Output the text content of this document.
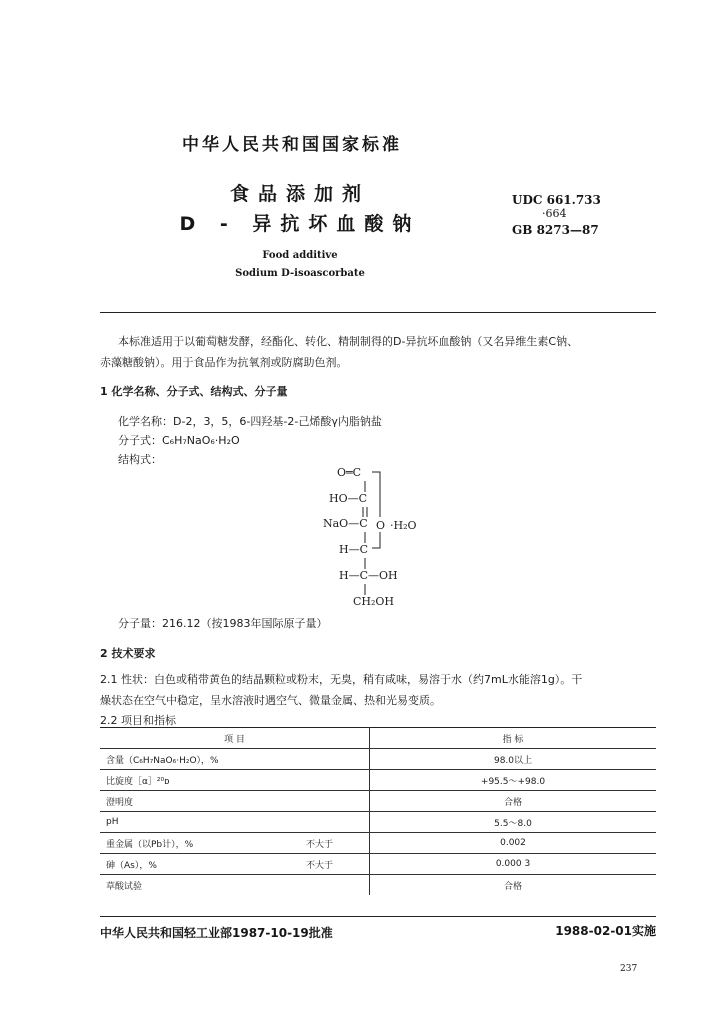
中华人民共和国国家标准
食品添加剂
D - 异抗坏血酸钠
Food additive
Sodium D-isoascorbate
UDC 661.733
·664
GB 8273—87
本标准适用于以葡萄糖发酵，经酯化、转化、精制制得的D-异抗坏血酸钠（又名异维生素C钠、
赤藻糖酸钠）。用于食品作为抗氧剂或防腐助色剂。
1 化学名称、分子式、结构式、分子量
化学名称：D-2，3，5，6-四羟基-2-己烯酸γ内脂钠盐
分子式：C₆H₇NaO₆·H₂O
结构式：
O═C
HO—C
NaO—C O ·H₂O
H—C
H—C—OH
CH₂OH
分子量：216.12（按1983年国际原子量）
2 技术要求
2.1 性状：白色或稍带黄色的结晶颗粒或粉末，无臭，稍有咸味，易溶于水（约7mL水能溶1g）。干
燥状态在空气中稳定，呈水溶液时遇空气、微量金属、热和光易变质。
2.2 项目和指标
项 目	指 标
含量（C₆H₇NaO₆·H₂O），%	98.0以上
比旋度［α］²⁰ᴅ	+95.5～+98.0
澄明度	合格
pH	5.5～8.0
重金属（以Pb计），% 不大于	0.002
砷（As），% 不大于	0.000 3
草酸试验	合格
中华人民共和国轻工业部1987-10-19批准	1988-02-01实施
237
